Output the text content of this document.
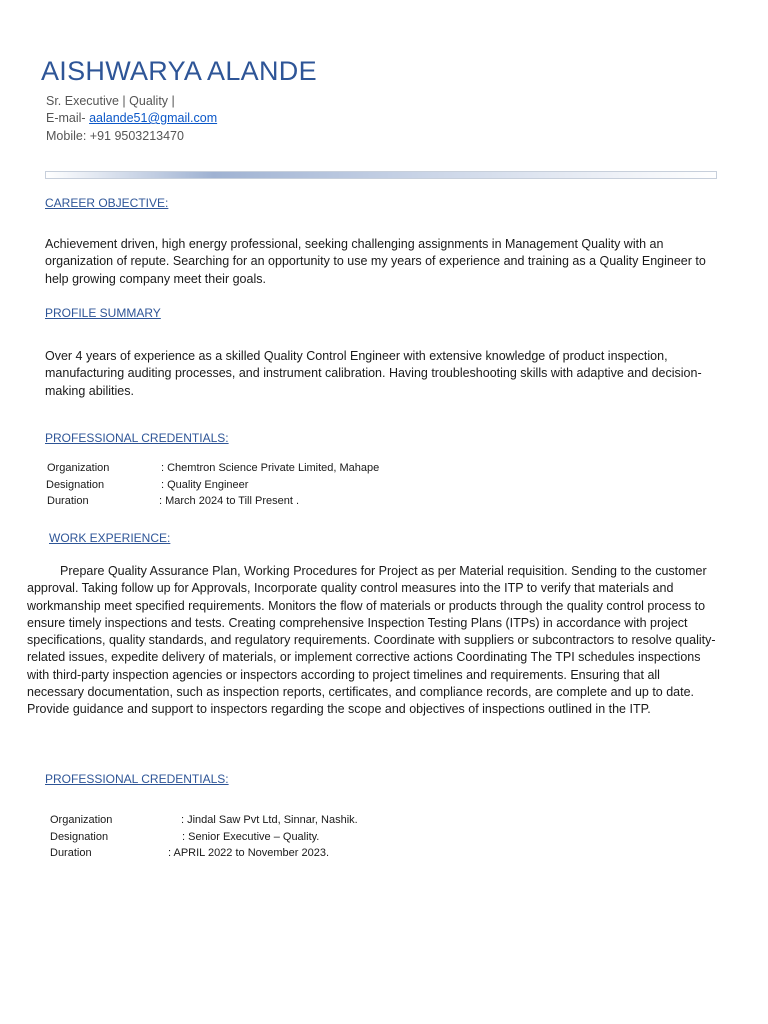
AISHWARYA ALANDE
Sr. Executive | Quality |
E-mail- aalande51@gmail.com
Mobile: +91 9503213470
CAREER OBJECTIVE:
Achievement driven, high energy professional, seeking challenging assignments in Management Quality with an organization of repute. Searching for an opportunity to use my years of experience and training as a Quality Engineer to help growing company meet their goals.
PROFILE SUMMARY
Over 4 years of experience as a skilled Quality Control Engineer with extensive knowledge of product inspection, manufacturing auditing processes, and instrument calibration. Having troubleshooting skills with adaptive and decision- making abilities.
PROFESSIONAL CREDENTIALS:
Organization	: Chemtron Science Private Limited, Mahape
Designation	: Quality Engineer
Duration	: March 2024 to Till Present .
WORK EXPERIENCE:
Prepare Quality Assurance Plan, Working Procedures for Project as per Material requisition. Sending to the customer approval. Taking follow up for Approvals, Incorporate quality control measures into the ITP to verify that materials and workmanship meet specified requirements. Monitors the flow of materials or products through the quality control process to ensure timely inspections and tests. Creating comprehensive Inspection Testing Plans (ITPs) in accordance with project specifications, quality standards, and regulatory requirements. Coordinate with suppliers or subcontractors to resolve quality-related issues, expedite delivery of materials, or implement corrective actions Coordinating The TPI schedules inspections with third-party inspection agencies or inspectors according to project timelines and requirements. Ensuring that all necessary documentation, such as inspection reports, certificates, and compliance records, are complete and up to date. Provide guidance and support to inspectors regarding the scope and objectives of inspections outlined in the ITP.
PROFESSIONAL CREDENTIALS:
Organization	: Jindal Saw Pvt Ltd, Sinnar, Nashik.
Designation	: Senior Executive – Quality.
Duration	: APRIL 2022 to November 2023.
